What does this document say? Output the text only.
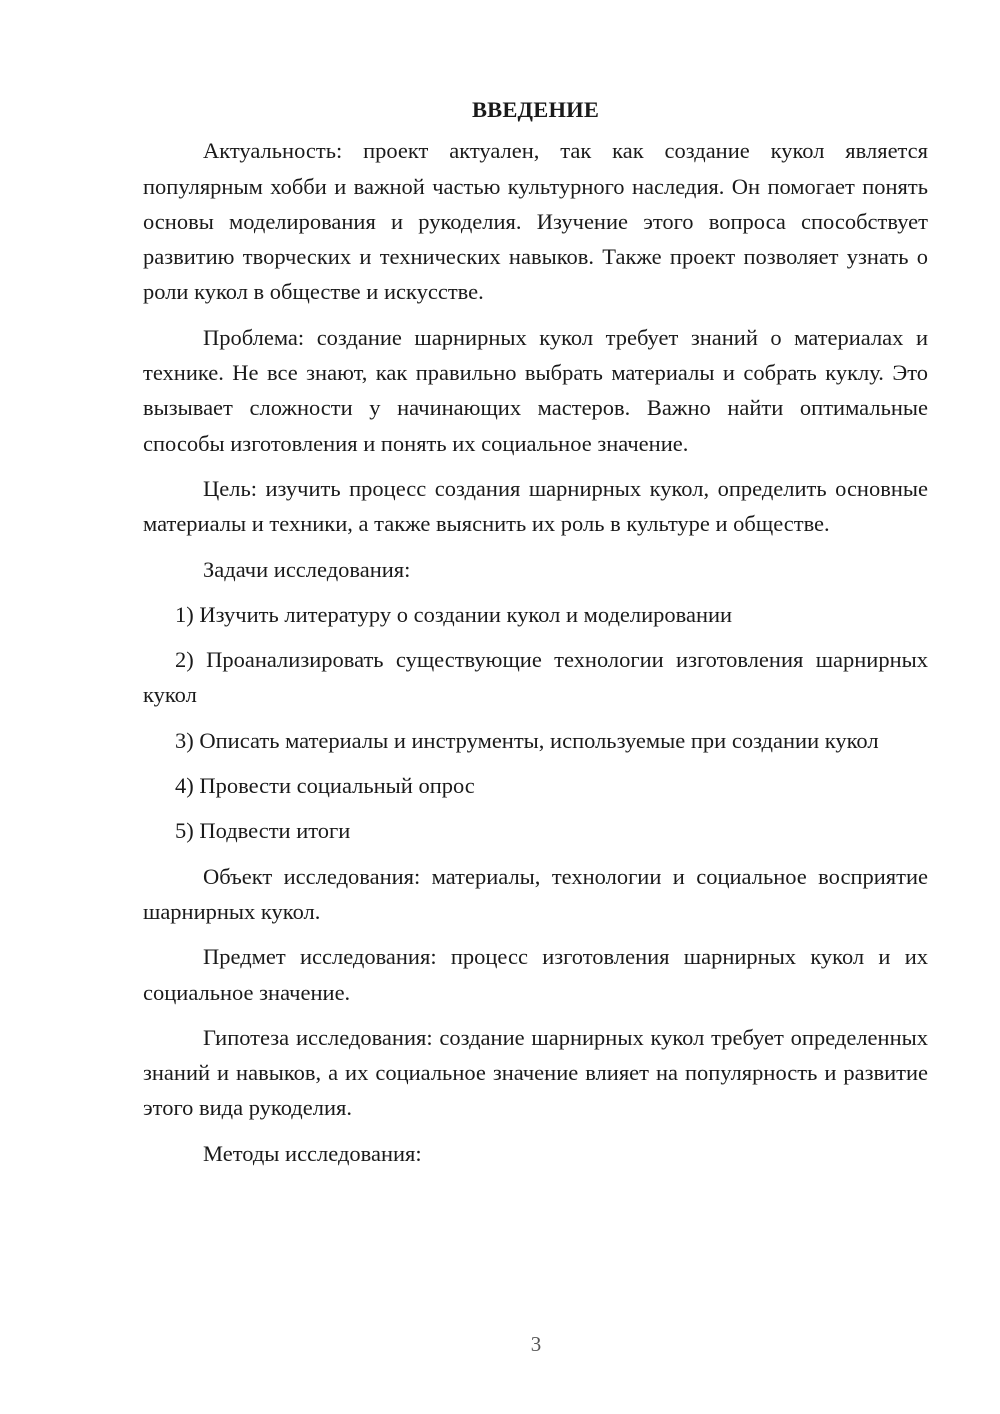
ВВЕДЕНИЕ

Актуальность: проект актуален, так как создание кукол является популярным хобби и важной частью культурного наследия. Он помогает понять основы моделирования и рукоделия. Изучение этого вопроса способствует развитию творческих и технических навыков. Также проект позволяет узнать о роли кукол в обществе и искусстве.

Проблема: создание шарнирных кукол требует знаний о материалах и технике. Не все знают, как правильно выбрать материалы и собрать куклу. Это вызывает сложности у начинающих мастеров. Важно найти оптимальные способы изготовления и понять их социальное значение.

Цель: изучить процесс создания шарнирных кукол, определить основные материалы и техники, а также выяснить их роль в культуре и обществе.

Задачи исследования:

1) Изучить литературу о создании кукол и моделировании

2) Проанализировать существующие технологии изготовления шарнирных кукол

3) Описать материалы и инструменты, используемые при создании кукол

4) Провести социальный опрос

5) Подвести итоги

Объект исследования: материалы, технологии и социальное восприятие шарнирных кукол.

Предмет исследования: процесс изготовления шарнирных кукол и их социальное значение.

Гипотеза исследования: создание шарнирных кукол требует определенных знаний и навыков, а их социальное значение влияет на популярность и развитие этого вида рукоделия.

Методы исследования:

3
